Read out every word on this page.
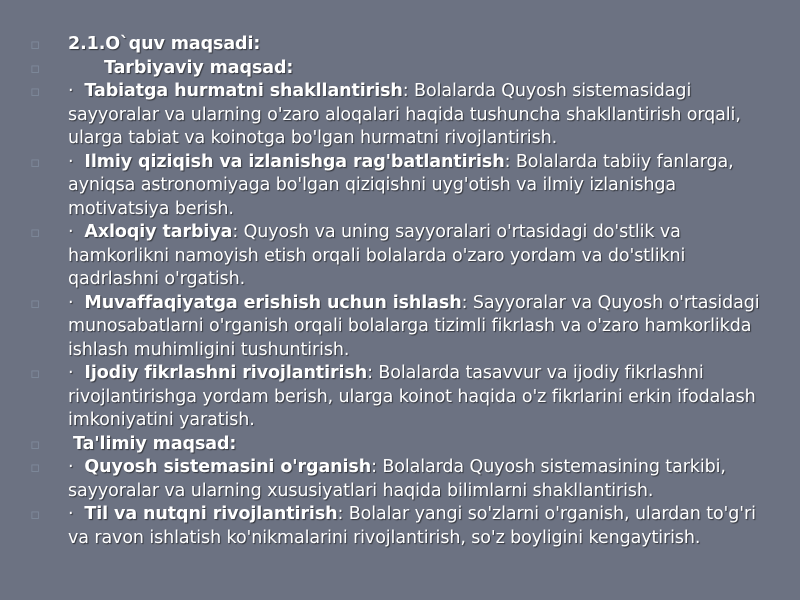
▫ 2.1.O`quv maqsadi:
▫	Tarbiyaviy maqsad:
▫ · Tabiatga hurmatni shakllantirish: Bolalarda Quyosh sistemasidagi sayyoralar va ularning o'zaro aloqalari haqida tushuncha shakllantirish orqali, ularga tabiat va koinotga bo'lgan hurmatni rivojlantirish.
▫ · Ilmiy qiziqish va izlanishga rag'batlantirish: Bolalarda tabiiy fanlarga, ayniqsa astronomiyaga bo'lgan qiziqishni uyg'otish va ilmiy izlanishga motivatsiya berish.
▫ · Axloqiy tarbiya: Quyosh va uning sayyoralari o'rtasidagi do'stlik va hamkorlikni namoyish etish orqali bolalarda o'zaro yordam va do'stlikni qadrlashni o'rgatish.
▫ · Muvaffaqiyatga erishish uchun ishlash: Sayyoralar va Quyosh o'rtasidagi munosabatlarni o'rganish orqali bolalarga tizimli fikrlash va o'zaro hamkorlikda ishlash muhimligini tushuntirish.
▫ · Ijodiy fikrlashni rivojlantirish: Bolalarda tasavvur va ijodiy fikrlashni rivojlantirishga yordam berish, ularga koinot haqida o'z fikrlarini erkin ifodalash imkoniyatini yaratish.
▫ Ta'limiy maqsad:
▫ · Quyosh sistemasini o'rganish: Bolalarda Quyosh sistemasining tarkibi, sayyoralar va ularning xususiyatlari haqida bilimlarni shakllantirish.
▫ · Til va nutqni rivojlantirish: Bolalar yangi so'zlarni o'rganish, ulardan to'g'ri va ravon ishlatish ko'nikmalarini rivojlantirish, so'z boyligini kengaytirish.
